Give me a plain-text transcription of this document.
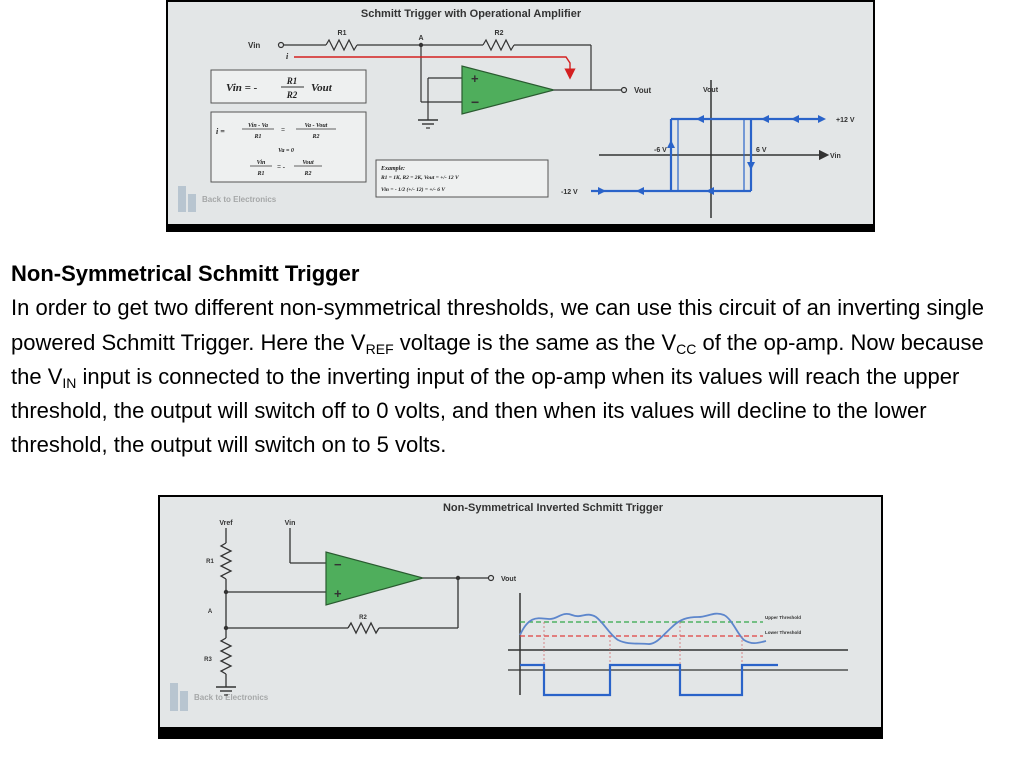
Schmitt Trigger with Operational Amplifier
Vin
R1
A
R2
i
+
−
Vout
Vin = -
R1
R2
Vout
i =
Vin - Va
R1
=	Va - Vout
R2
Va = 0
Vin
R1
= -	Vout
R2
Example:
R1 = 1K, R2 = 2K, Vout = +/- 12 V
Vin = - 1/2 (+/- 12) = +/- 6 V
Back to Electronics
Vout
Vin
+12 V
-12 V
-6 V	6 V
Non-Symmetrical Schmitt Trigger
In order to get two different non-symmetrical thresholds, we can use this circuit of an inverting single powered Schmitt Trigger. Here the $V_{REF}$ voltage is the same as the $V_{CC}$ of the op-amp. Now because the $V_{IN}$ input is connected to the inverting input of the op-amp when its values will reach the upper threshold, the output will switch off to 0 volts, and then when its values will decline to the lower threshold, the output will switch on to 5 volts.
Non-Symmetrical Inverted Schmitt Trigger
Vref
R1
A
R3
Vin
−
+
Vout
R2
Back to Electronics
Upper Threshold
Lower Threshold
